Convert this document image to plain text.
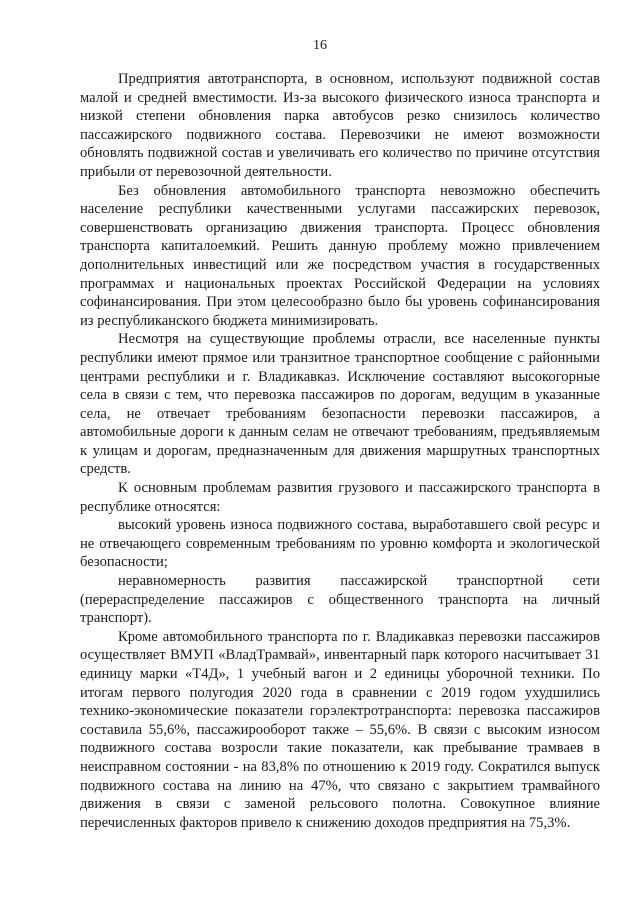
16

Предприятия автотранспорта, в основном, используют подвижной состав малой и средней вместимости. Из-за высокого физического износа транспорта и низкой степени обновления парка автобусов резко снизилось количество пассажирского подвижного состава. Перевозчики не имеют возможности обновлять подвижной состав и увеличивать его количество по причине отсутствия прибыли от перевозочной деятельности.

Без обновления автомобильного транспорта невозможно обеспечить население республики качественными услугами пассажирских перевозок, совершенствовать организацию движения транспорта. Процесс обновления транспорта капиталоемкий. Решить данную проблему можно привлечением дополнительных инвестиций или же посредством участия в государственных программах и национальных проектах Российской Федерации на условиях софинансирования. При этом целесообразно было бы уровень софинансирования из республиканского бюджета минимизировать.

Несмотря на существующие проблемы отрасли, все населенные пункты республики имеют прямое или транзитное транспортное сообщение с районными центрами республики и г. Владикавказ. Исключение составляют высокогорные села в связи с тем, что перевозка пассажиров по дорогам, ведущим в указанные села, не отвечает требованиям безопасности перевозки пассажиров, а автомобильные дороги к данным селам не отвечают требованиям, предъявляемым к улицам и дорогам, предназначенным для движения маршрутных транспортных средств.

К основным проблемам развития грузового и пассажирского транспорта в республике относятся:

высокий уровень износа подвижного состава, выработавшего свой ресурс и не отвечающего современным требованиям по уровню комфорта и экологической безопасности;

неравномерность развития пассажирской транспортной сети (перераспределение пассажиров с общественного транспорта на личный транспорт).

Кроме автомобильного транспорта по г. Владикавказ перевозки пассажиров осуществляет ВМУП «ВладТрамвай», инвентарный парк которого насчитывает 31 единицу марки «Т4Д», 1 учебный вагон и 2 единицы уборочной техники. По итогам первого полугодия 2020 года в сравнении с 2019 годом ухудшились технико-экономические показатели горэлектротранспорта: перевозка пассажиров составила 55,6%, пассажирооборот также – 55,6%. В связи с высоким износом подвижного состава возросли такие показатели, как пребывание трамваев в неисправном состоянии - на 83,8% по отношению к 2019 году. Сократился выпуск подвижного состава на линию на 47%, что связано с закрытием трамвайного движения в связи с заменой рельсового полотна. Совокупное влияние перечисленных факторов привело к снижению доходов предприятия на 75,3%.
